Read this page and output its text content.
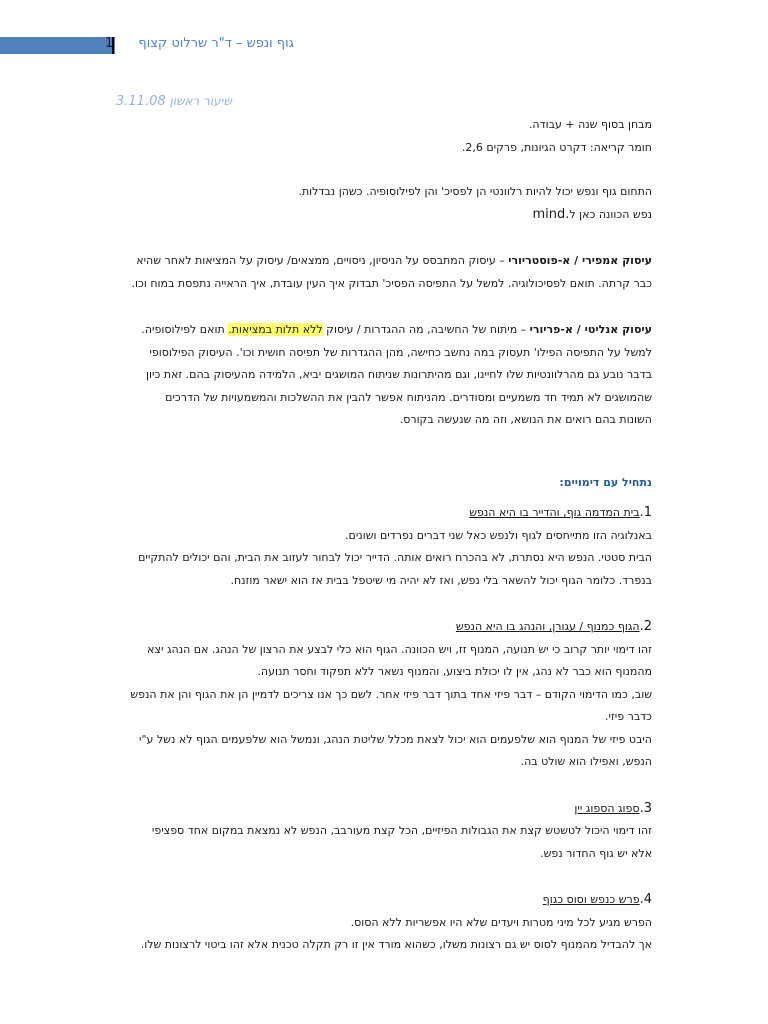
1 גוף ונפש – ד"ר שרלוט קצוף
שיעור ראשון 3.11.08

מבחן בסוף שנה + עבודה.

חומר קריאה: דקרט הגיונות, פרקים 2,6.

התחום גוף ונפש יכול להיות רלוונטי הן לפסיכ' והן לפילוסופיה. כשהן נבדלות.

נפש הכוונה כאן לmind.

עיסוק אמפירי / א-פוסטריורי – עיסוק המתבסס על הניסיון, ניסויים, ממצאים/ עיסוק על המציאות לאחר שהיא כבר קרתה. תואם לפסיכולוגיה. למשל על התפיסה הפסיכ' תבדוק איך העין עובדת, איך הראייה נתפסת במוח וכו.

עיסוק אנליטי / א-פריורי – מיתוח של החשיבה, מה ההגדרות / עיסוק ללא תלות במציאות. תואם לפילוסופיה. למשל על התפיסה הפילו' תעסוק במה נחשב כחישה, מהן ההגדרות של תפיסה חושית וכו'. העיסוק הפילוסופי בדבר נובע גם מהרלוונטיות שלו לחיינו, וגם מהיתרונות שניתוח המושגים יביא, הלמידה מהעיסוק בהם. זאת כיון שהמושגים לא תמיד חד משמעיים ומסודרים. מהניתוח אפשר להבין את ההשלכות והמשמעויות של הדרכים השונות בהם רואים את הנושא, וזה מה שנעשה בקורס.

נתחיל עם דימויים:

1.בית המדמה גוף, והדייר בו היא הנפש

באנלוגיה הזו מתייחסים לגוף ולנפש כאל שני דברים נפרדים ושונים.

הבית סטטי. הנפש היא נסתרת, לא בהכרח רואים אותה. הדייר יכול לבחור לעזוב את הבית, והם יכולים להתקיים בנפרד. כלומר הגוף יכול להשאר בלי נפש, ואז לא יהיה מי שיטפל בבית אז הוא ישאר מוזנח.

2.הגוף כמנוף / עגורן, והנהג בו היא הנפש

זהו דימוי יותר קרוב כי יש תנועה, המנוף זז, ויש הכוונה. הגוף הוא כלי לבצע את הרצון של הנהג. אם הנהג יצא מהמנוף הוא כבר לא נהג, אין לו יכולת ביצוע, והמנוף נשאר ללא תפקוד וחסר תנועה.

שוב, כמו הדימוי הקודם – דבר פיזי אחד בתוך דבר פיזי אחר. לשם כך אנו צריכים לדמיין הן את הגוף והן את הנפש כדבר פיזי.

היבט פיזי של המנוף הוא שלפעמים הוא יכול לצאת מכלל שליטת הנהג, ונמשל הוא שלפעמים הגוף לא נשל ע"י הנפש, ואפילו הוא שולט בה.

3.ספוג הספוג יין

זהו דימוי היכול לטשטש קצת את הגבולות הפיזיים, הכל קצת מעורבב, הנפש לא נמצאת במקום אחד ספציפי אלא יש גוף החדור נפש.

4.פרש כנפש וסוס כגוף

הפרש מגיע לכל מיני מטרות ויעדים שלא היו אפשריות ללא הסוס.

אך להבדיל מהמנוף לסוס יש גם רצונות משלו, כשהוא מורד אין זו רק תקלה טכנית אלא זהו ביטוי לרצונות שלו.
